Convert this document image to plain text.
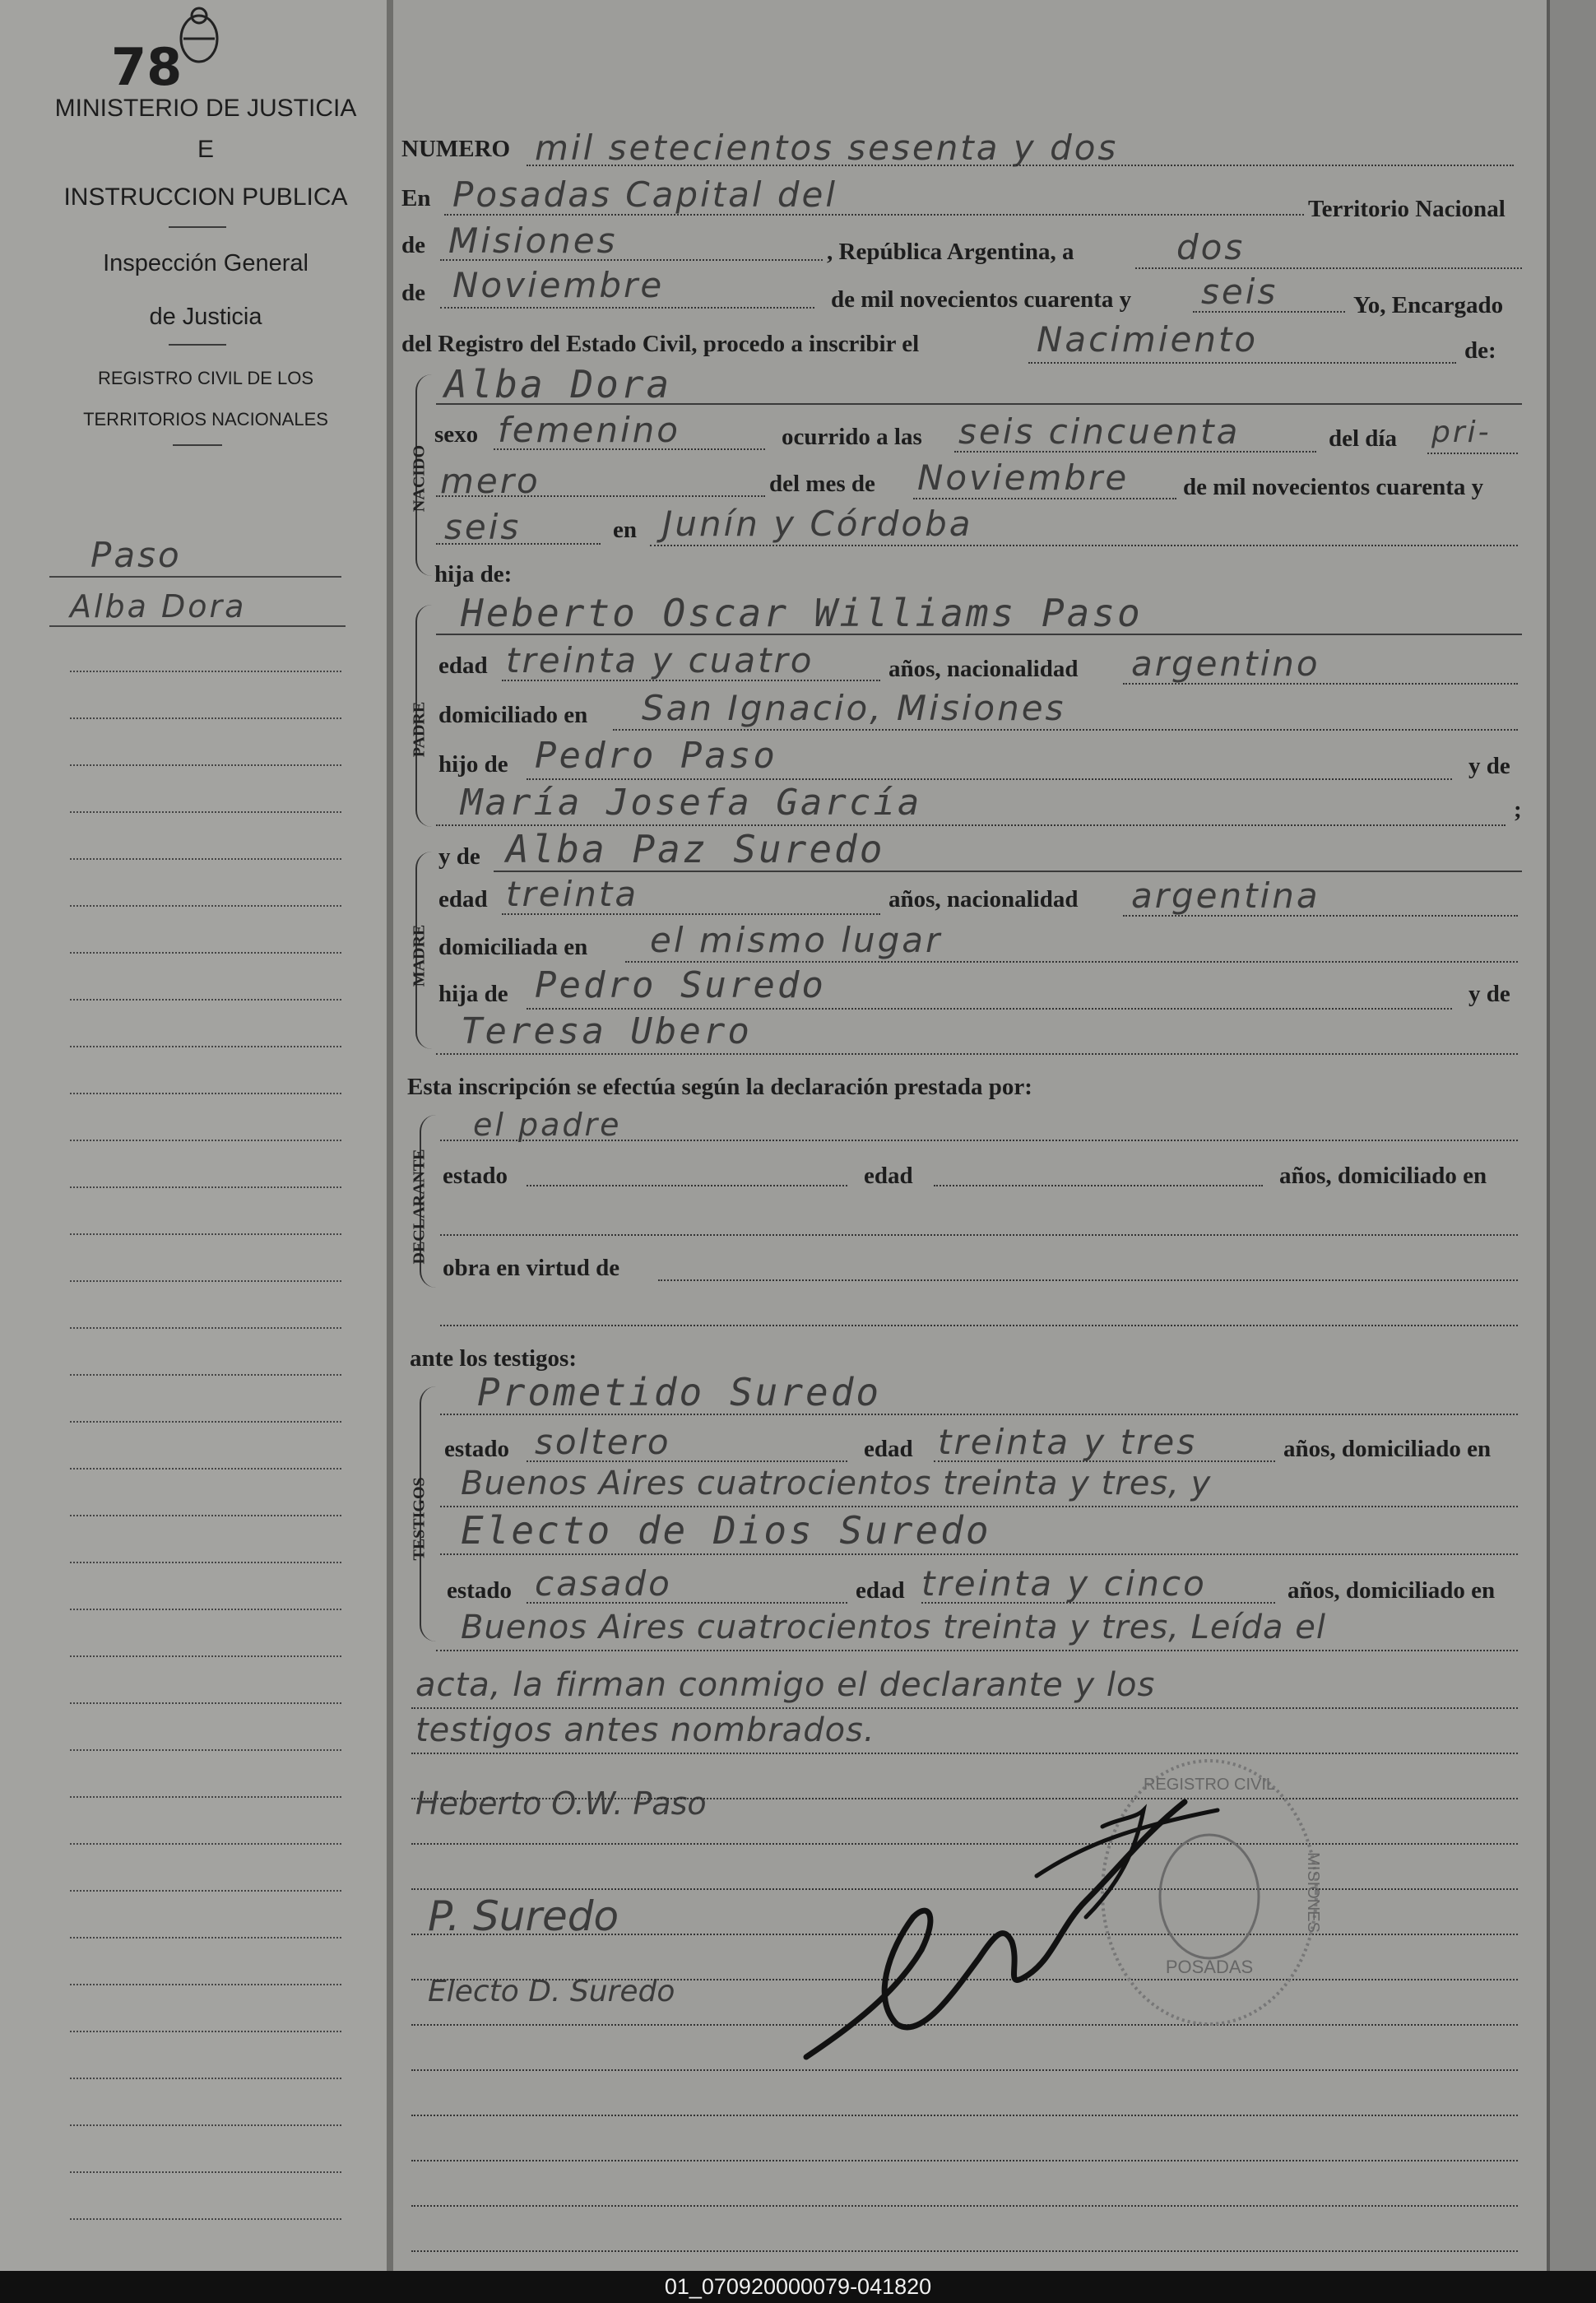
78
MINISTERIO DE JUSTICIA
E
INSTRUCCION PUBLICA
Inspección General
de Justicia
REGISTRO CIVIL DE LOS
TERRITORIOS NACIONALES
Paso
Alba Dora
NUMERO mil setecientos sesenta y dos
En Posadas Capital del	Territorio Nacional
de Misiones	, República Argentina, a	dos
de Noviembre	de mil novecientos cuarenta y seis	Yo, Encargado
del Registro del Estado Civil, procedo a inscribir el	Nacimiento	de:
NACIDO
Alba Dora
sexo femenino	ocurrido a las seis cincuenta	del día pri-
mero	del mes de Noviembre de mil novecientos cuarenta y
seis	en Junín y Córdoba
hija de:
PADRE
Heberto Oscar Williams Paso
edad treinta y cuatro	años, nacionalidad argentino
domiciliado en San Ignacio, Misiones
hijo de Pedro Paso	y de
María Josefa García	;
MADRE
y de Alba Paz Suredo
edad treinta	años, nacionalidad argentina
domiciliada en el mismo lugar
hija de Pedro Suredo	y de
Teresa Ubero
Esta inscripción se efectúa según la declaración prestada por:
DECLARANTE
el padre
estado	edad	años, domiciliado en
obra en virtud de
ante los testigos:
TESTIGOS
Prometido Suredo
estado soltero	edad treinta y tres	años, domiciliado en
Buenos Aires cuatrocientos treinta y tres, y
Electo de Dios Suredo
estado casado	edad treinta y cinco	años, domiciliado en
Buenos Aires cuatrocientos treinta y tres, Leída el
acta, la firman conmigo el declarante y los
testigos antes nombrados.
Heberto O.W. Paso
P. Suredo
Electo D. Suredo
REGISTRO CIVIL
POSADAS
MISIONES
01_070920000079-041820
